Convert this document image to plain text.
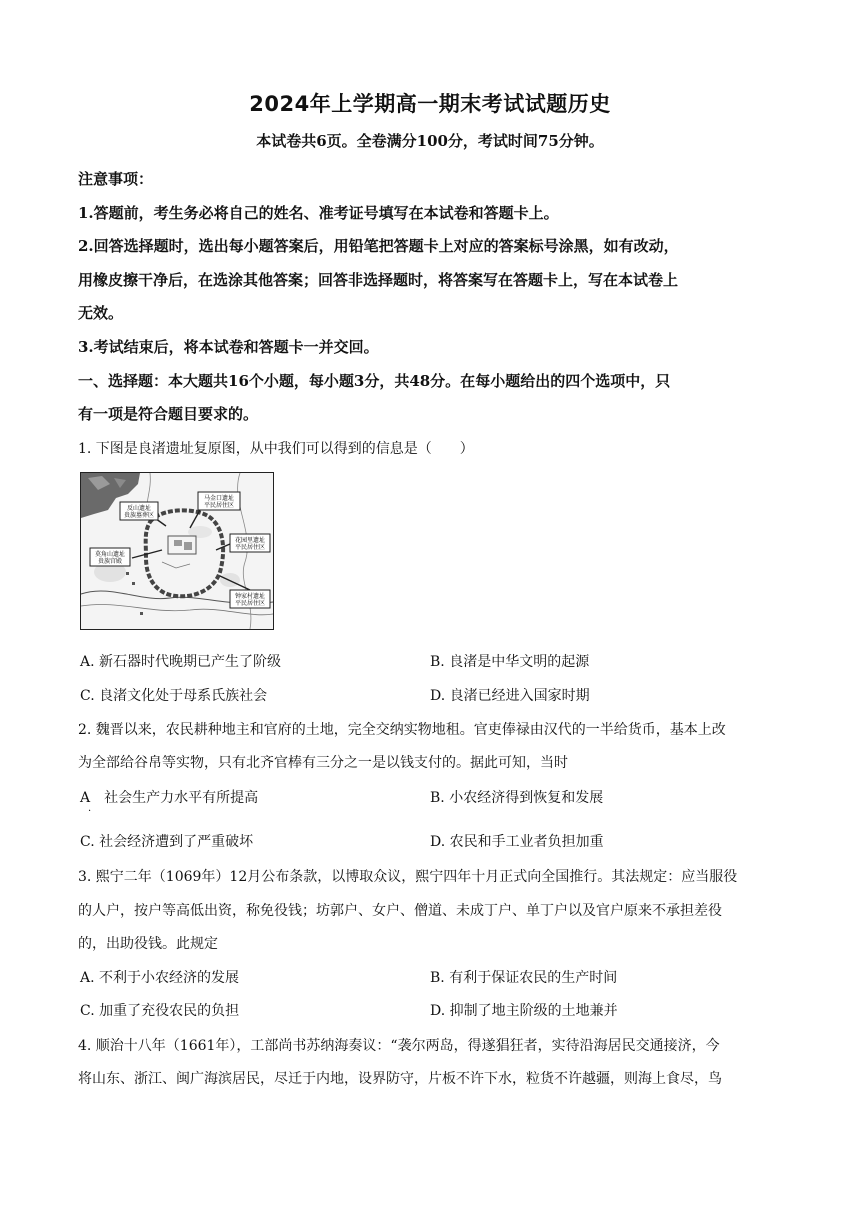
2024年上学期高一期末考试试题历史
本试卷共6页。全卷满分100分，考试时间75分钟。
注意事项：
1.答题前，考生务必将自己的姓名、准考证号填写在本试卷和答题卡上。
2.回答选择题时，选出每小题答案后，用铅笔把答题卡上对应的答案标号涂黑，如有改动，
用橡皮擦干净后，在选涂其他答案；回答非选择题时，将答案写在答题卡上，写在本试卷上
无效。
3.考试结束后，将本试卷和答题卡一并交回。
一、选择题：本大题共16个小题，每小题3分，共48分。在每小题给出的四个选项中，只
有一项是符合题目要求的。
1. 下图是良渚遗址复原图，从中我们可以得到的信息是（　　）
反山遗址
贵族墓葬区
马金口遗址
平民居住区
莫角山遗址
贵族宫殿
花园里遗址
平民居住区
钟家村遗址
平民居住区
A. 新石器时代晚期已产生了阶级	B. 良渚是中华文明的起源
C. 良渚文化处于母系氏族社会	D. 良渚已经进入国家时期
2. 魏晋以来，农民耕种地主和官府的土地，完全交纳实物地租。官吏俸禄由汉代的一半给货币，基本上改
为全部给谷帛等实物，只有北齐官棒有三分之一是以钱支付的。据此可知，当时
A　社会生产力水平有所提高
·
B. 小农经济得到恢复和发展
C. 社会经济遭到了严重破坏	D. 农民和手工业者负担加重
3. 熙宁二年（1069年）12月公布条款，以博取众议，熙宁四年十月正式向全国推行。其法规定：应当服役
的人户，按户等高低出资，称免役钱；坊郭户、女户、僧道、未成丁户、单丁户以及官户原来不承担差役
的，出助役钱。此规定
A. 不利于小农经济的发展	B. 有利于保证农民的生产时间
C. 加重了充役农民的负担	D. 抑制了地主阶级的土地兼并
4. 顺治十八年（1661年），工部尚书苏纳海奏议：“袭尔两岛，得遂猖狂者，实待沿海居民交通接济，今
将山东、浙江、闽广海滨居民，尽迁于内地，设界防守，片板不许下水，粒货不许越疆，则海上食尽，鸟
